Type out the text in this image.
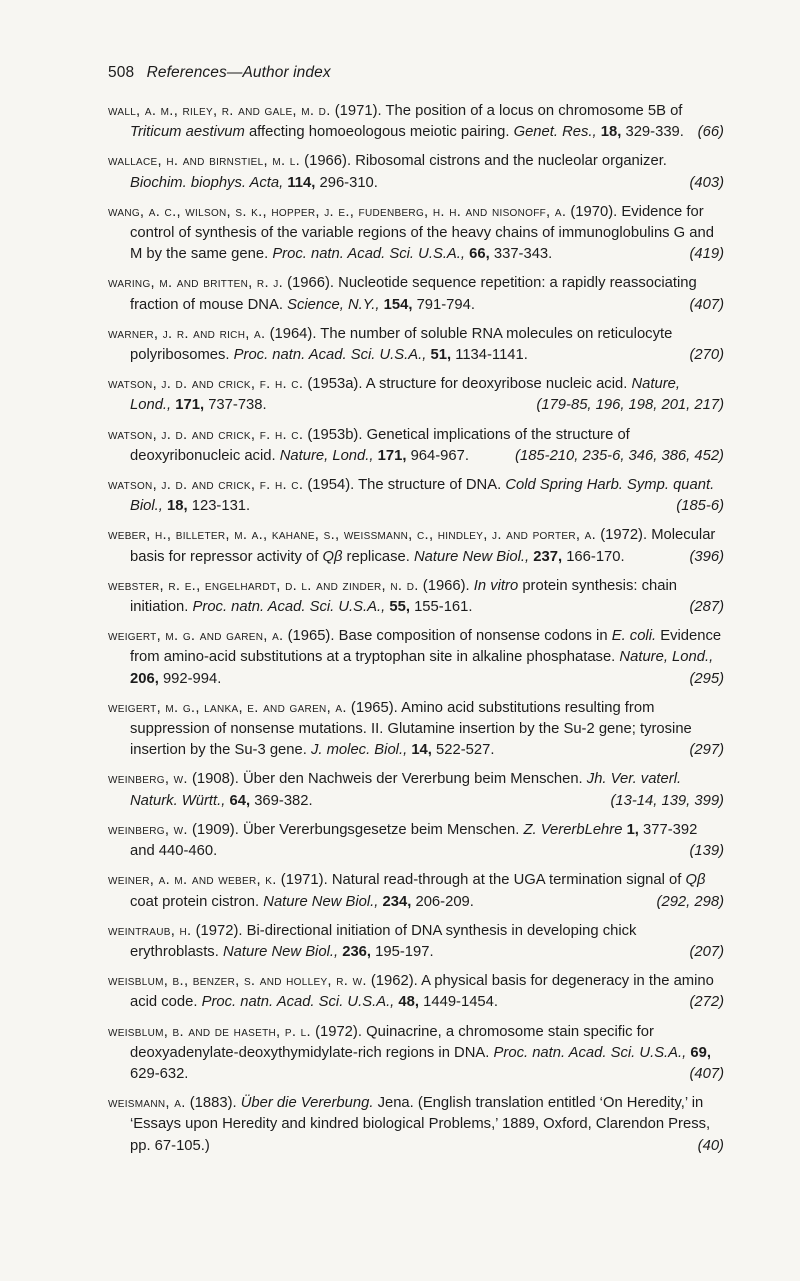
508 References—Author index

wall, a. m., riley, r. and gale, m. d. (1971). The position of a locus on chromosome 5B of Triticum aestivum affecting homoeologous meiotic pairing. Genet. Res., 18, 329-339. (66)

wallace, h. and birnstiel, m. l. (1966). Ribosomal cistrons and the nucleolar organizer. Biochim. biophys. Acta, 114, 296-310.	(403)

wang, a. c., wilson, s. k., hopper, j. e., fudenberg, h. h. and nisonoff, a. (1970). Evidence for control of synthesis of the variable regions of the heavy chains of immunoglobulins G and M by the same gene. Proc. natn. Acad. Sci. U.S.A., 66, 337-343.	(419)

waring, m. and britten, r. j. (1966). Nucleotide sequence repetition: a rapidly reassociating fraction of mouse DNA. Science, N.Y., 154, 791-794.	(407)

warner, j. r. and rich, a. (1964). The number of soluble RNA molecules on reticulocyte polyribosomes. Proc. natn. Acad. Sci. U.S.A., 51, 1134-1141.	(270)

watson, j. d. and crick, f. h. c. (1953a). A structure for deoxyribose nucleic acid. Nature, Lond., 171, 737-738.	(179-85, 196, 198, 201, 217)

watson, j. d. and crick, f. h. c. (1953b). Genetical implications of the structure of deoxyribonucleic acid. Nature, Lond., 171, 964-967.	(185-210, 235-6, 346, 386, 452)

watson, j. d. and crick, f. h. c. (1954). The structure of DNA. Cold Spring Harb. Symp. quant. Biol., 18, 123-131.	(185-6)

weber, h., billeter, m. a., kahane, s., weissmann, c., hindley, j. and porter, a. (1972). Molecular basis for repressor activity of Qβ replicase. Nature New Biol., 237, 166-170.	(396)

webster, r. e., engelhardt, d. l. and zinder, n. d. (1966). In vitro protein synthesis: chain initiation. Proc. natn. Acad. Sci. U.S.A., 55, 155-161.	(287)

weigert, m. g. and garen, a. (1965). Base composition of nonsense codons in E. coli. Evidence from amino-acid substitutions at a tryptophan site in alkaline phosphatase. Nature, Lond., 206, 992-994.	(295)

weigert, m. g., lanka, e. and garen, a. (1965). Amino acid substitutions resulting from suppression of nonsense mutations. II. Glutamine insertion by the Su-2 gene; tyrosine insertion by the Su-3 gene. J. molec. Biol., 14, 522-527.	(297)

weinberg, w. (1908). Über den Nachweis der Vererbung beim Menschen. Jh. Ver. vaterl. Naturk. Württ., 64, 369-382.	(13-14, 139, 399)

weinberg, w. (1909). Über Vererbungsgesetze beim Menschen. Z. VererbLehre 1, 377-392 and 440-460.	(139)

weiner, a. m. and weber, k. (1971). Natural read-through at the UGA termination signal of Qβ coat protein cistron. Nature New Biol., 234, 206-209.	(292, 298)

weintraub, h. (1972). Bi-directional initiation of DNA synthesis in developing chick erythroblasts. Nature New Biol., 236, 195-197.	(207)

weisblum, b., benzer, s. and holley, r. w. (1962). A physical basis for degeneracy in the amino acid code. Proc. natn. Acad. Sci. U.S.A., 48, 1449-1454.	(272)

weisblum, b. and de haseth, p. l. (1972). Quinacrine, a chromosome stain specific for deoxyadenylate-deoxythymidylate-rich regions in DNA. Proc. natn. Acad. Sci. U.S.A., 69, 629-632.	(407)

weismann, a. (1883). Über die Vererbung. Jena. (English translation entitled ‘On Heredity,’ in ‘Essays upon Heredity and kindred biological Problems,’ 1889, Oxford, Clarendon Press, pp. 67-105.)	(40)
